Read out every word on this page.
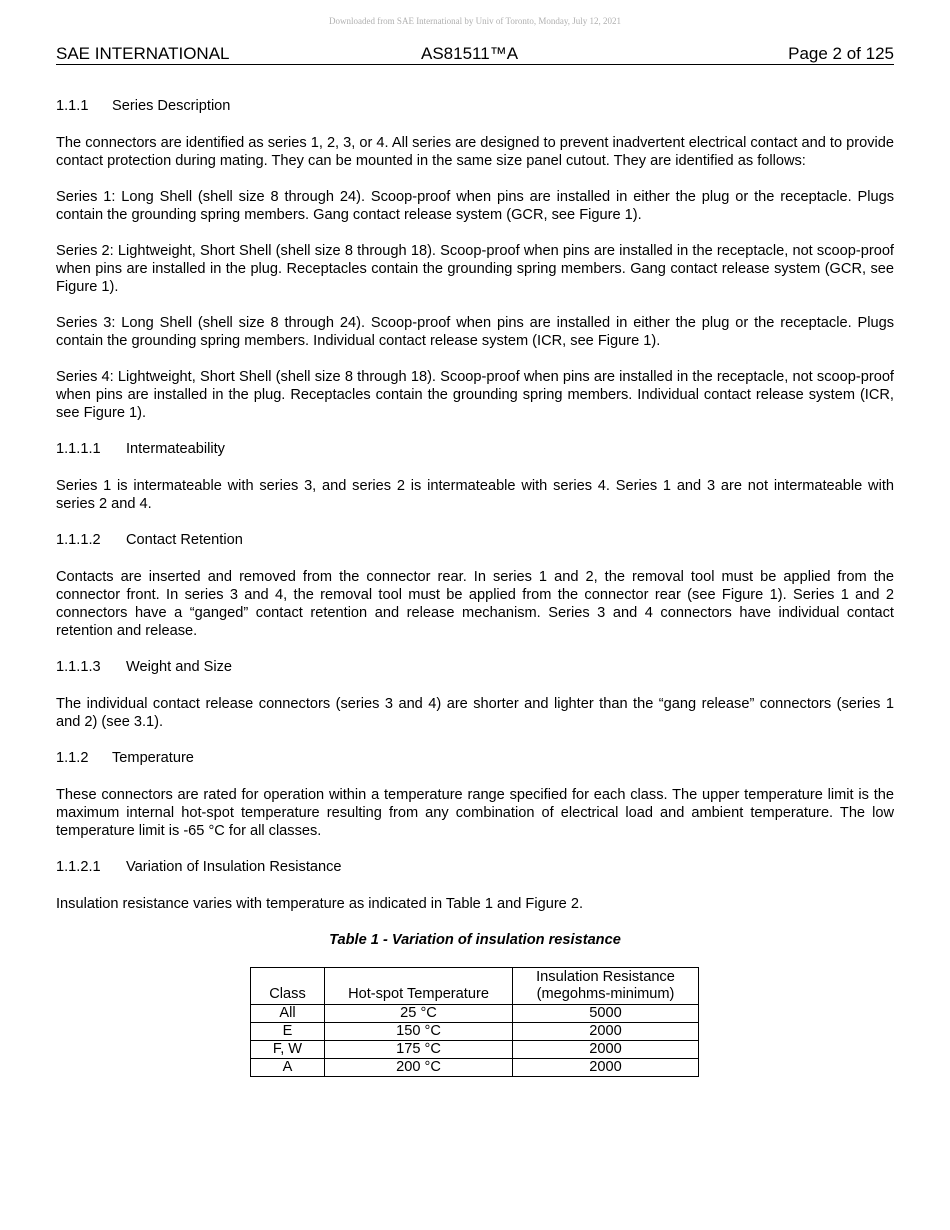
Downloaded from SAE International by Univ of Toronto, Monday, July 12, 2021
SAE INTERNATIONAL	AS81511™A	Page 2 of 125
1.1.1 Series Description

The connectors are identified as series 1, 2, 3, or 4. All series are designed to prevent inadvertent electrical contact and to provide contact protection during mating. They can be mounted in the same size panel cutout. They are identified as follows:

Series 1: Long Shell (shell size 8 through 24). Scoop-proof when pins are installed in either the plug or the receptacle. Plugs contain the grounding spring members. Gang contact release system (GCR, see Figure 1).

Series 2: Lightweight, Short Shell (shell size 8 through 18). Scoop-proof when pins are installed in the receptacle, not scoop-proof when pins are installed in the plug. Receptacles contain the grounding spring members. Gang contact release system (GCR, see Figure 1).

Series 3: Long Shell (shell size 8 through 24). Scoop-proof when pins are installed in either the plug or the receptacle. Plugs contain the grounding spring members. Individual contact release system (ICR, see Figure 1).

Series 4: Lightweight, Short Shell (shell size 8 through 18). Scoop-proof when pins are installed in the receptacle, not scoop-proof when pins are installed in the plug. Receptacles contain the grounding spring members. Individual contact release system (ICR, see Figure 1).

1.1.1.1 Intermateability

Series 1 is intermateable with series 3, and series 2 is intermateable with series 4. Series 1 and 3 are not intermateable with series 2 and 4.

1.1.1.2 Contact Retention

Contacts are inserted and removed from the connector rear. In series 1 and 2, the removal tool must be applied from the connector front. In series 3 and 4, the removal tool must be applied from the connector rear (see Figure 1). Series 1 and 2 connectors have a “ganged” contact retention and release mechanism. Series 3 and 4 connectors have individual contact retention and release.

1.1.1.3 Weight and Size

The individual contact release connectors (series 3 and 4) are shorter and lighter than the “gang release” connectors (series 1 and 2) (see 3.1).

1.1.2 Temperature

These connectors are rated for operation within a temperature range specified for each class. The upper temperature limit is the maximum internal hot-spot temperature resulting from any combination of electrical load and ambient temperature. The low temperature limit is -65 °C for all classes.

1.1.2.1 Variation of Insulation Resistance

Insulation resistance varies with temperature as indicated in Table 1 and Figure 2.

Table 1 - Variation of insulation resistance
Class	Hot-spot Temperature	Insulation Resistance
(megohms-minimum)
All	25 °C	5000
E	150 °C	2000
F, W	175 °C	2000
A	200 °C	2000
